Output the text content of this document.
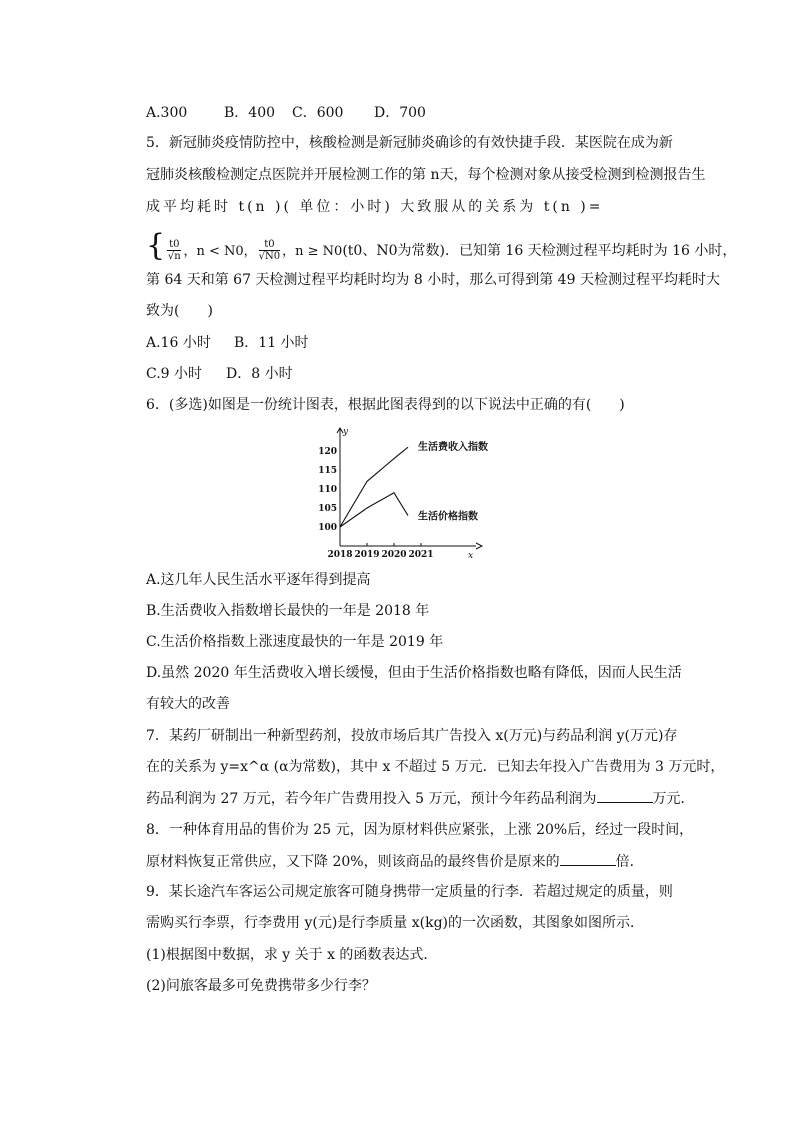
A.300	B．400 C．600 D．700
5．新冠肺炎疫情防控中，核酸检测是新冠肺炎确诊的有效快捷手段．某医院在成为新
冠肺炎核酸检测定点医院并开展检测工作的第 n天，每个检测对象从接受检测到检测报告生
成平均耗时 t(n )( 单位：小时) 大致服从的关系为 t(n )=
{ $\frac{t0}{√n}$ ，n < N0， $\frac{t0}{√N0}$ ，n ≥ N0(t0、N0为常数)．已知第 16 天检测过程平均耗时为 16 小时，
第 64 天和第 67 天检测过程平均耗时均为 8 小时，那么可得到第 49 天检测过程平均耗时大
致为(　　)
A.16 小时 B．11 小时
C.9 小时 D．8 小时
6．(多选)如图是一份统计图表，根据此图表得到的以下说法中正确的有(　　)
x
y
100
105
110
115
120
2018 2019 2020 2021
生活费收入指数
生活价格指数
A.这几年人民生活水平逐年得到提高
B.生活费收入指数增长最快的一年是 2018 年
C.生活价格指数上涨速度最快的一年是 2019 年
D.虽然 2020 年生活费收入增长缓慢，但由于生活价格指数也略有降低，因而人民生活
有较大的改善
7．某药厂研制出一种新型药剂，投放市场后其广告投入 x(万元)与药品利润 y(万元)存
在的关系为 y=x^α (α为常数)，其中 x 不超过 5 万元．已知去年投入广告费用为 3 万元时，
药品利润为 27 万元，若今年广告费用投入 5 万元，预计今年药品利润为	万元．
8．一种体育用品的售价为 25 元，因为原材料供应紧张，上涨 20%后，经过一段时间，
原材料恢复正常供应，又下降 20%，则该商品的最终售价是原来的	倍．
9．某长途汽车客运公司规定旅客可随身携带一定质量的行李．若超过规定的质量，则
需购买行李票，行李费用 y(元)是行李质量 x(kg)的一次函数，其图象如图所示．
(1)根据图中数据，求 y 关于 x 的函数表达式．
(2)问旅客最多可免费携带多少行李？
